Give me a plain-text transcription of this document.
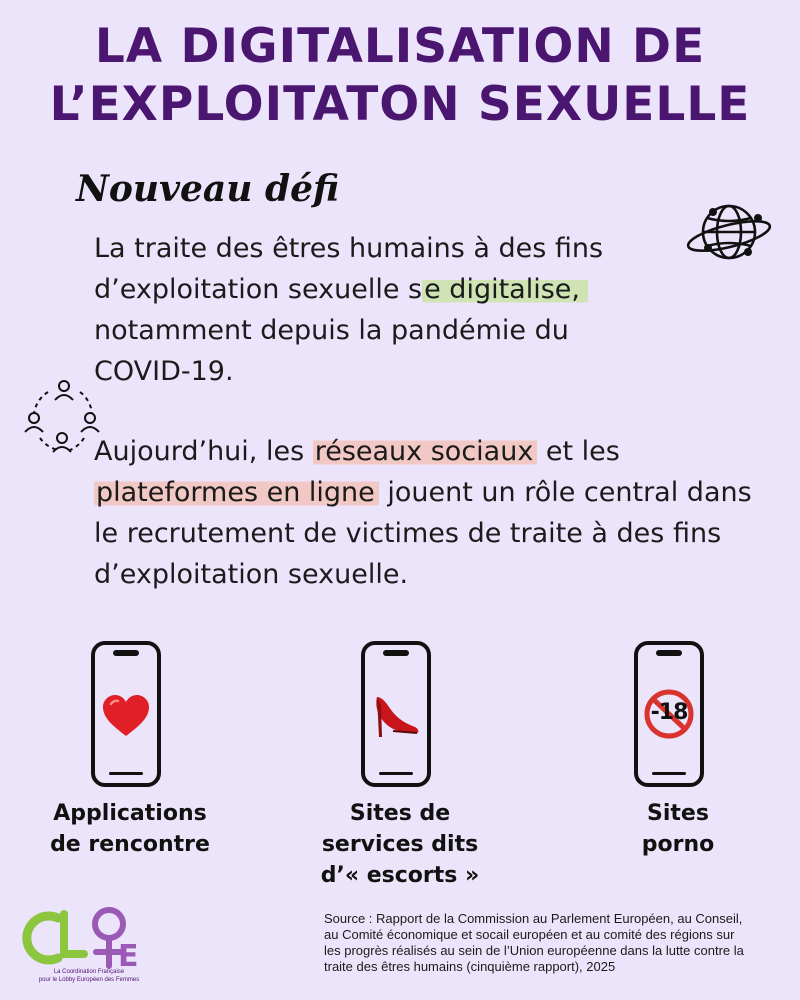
LA DIGITALISATION DE
L’EXPLOITATON SEXUELLE
Nouveau défi

La traite des êtres humains à des fins
d’exploitation sexuelle se digitalise,
notamment depuis la pandémie du
COVID-19.

Aujourd’hui, les réseaux sociaux et les
plateformes en ligne jouent un rôle central dans
le recrutement de victimes de traite à des fins
d’exploitation sexuelle.

-18

Applications
de rencontre

Sites de
services dits
d’« escorts »

Sites
porno

E
La Coordination Française
pour le Lobby Européen des Femmes
Source : Rapport de la Commission au Parlement Européen, au Conseil,
au Comité économique et socail européen et au comité des régions sur
les progrès réalisés au sein de l’Union européenne dans la lutte contre la
traite des êtres humains (cinquième rapport), 2025
